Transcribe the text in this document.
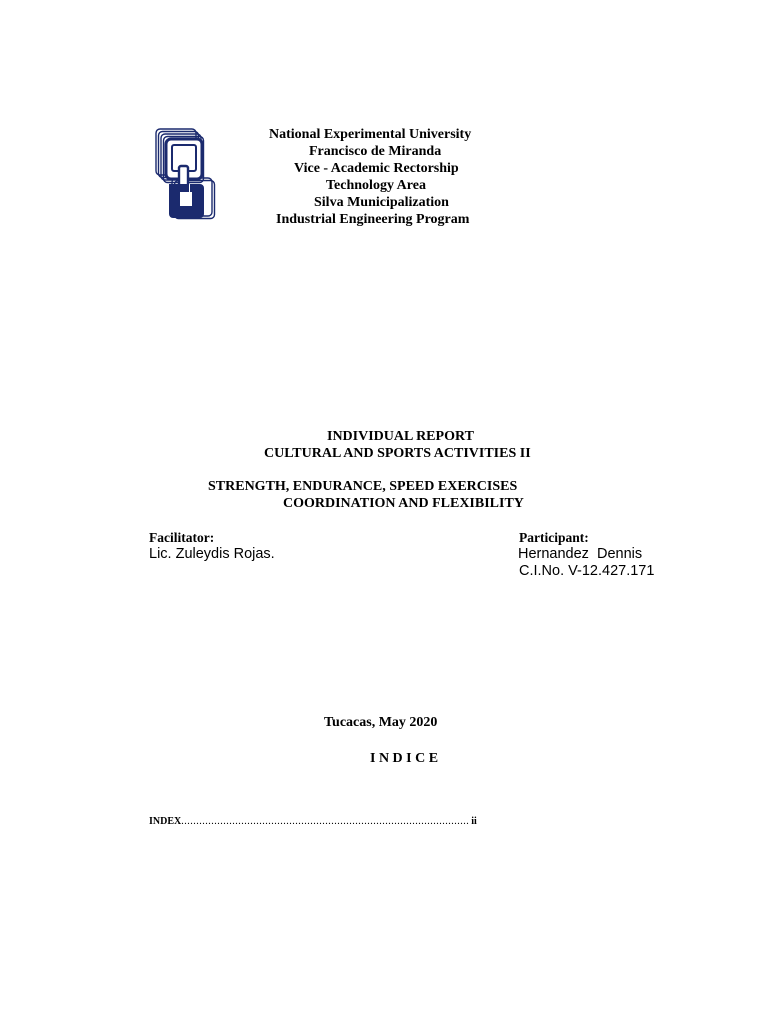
National Experimental University
Francisco de Miranda
Vice - Academic Rectorship
Technology Area
Silva Municipalization
Industrial Engineering Program
INDIVIDUAL REPORT
CULTURAL AND SPORTS ACTIVITIES II
STRENGTH, ENDURANCE, SPEED EXERCISES
COORDINATION AND FLEXIBILITY
Facilitator:
Lic. Zuleydis Rojas.
Participant:
Hernandez  Dennis
C.I.No. V-12.427.171
Tucacas, May 2020
I N D I C E
INDEX ................................................................................................ ii
